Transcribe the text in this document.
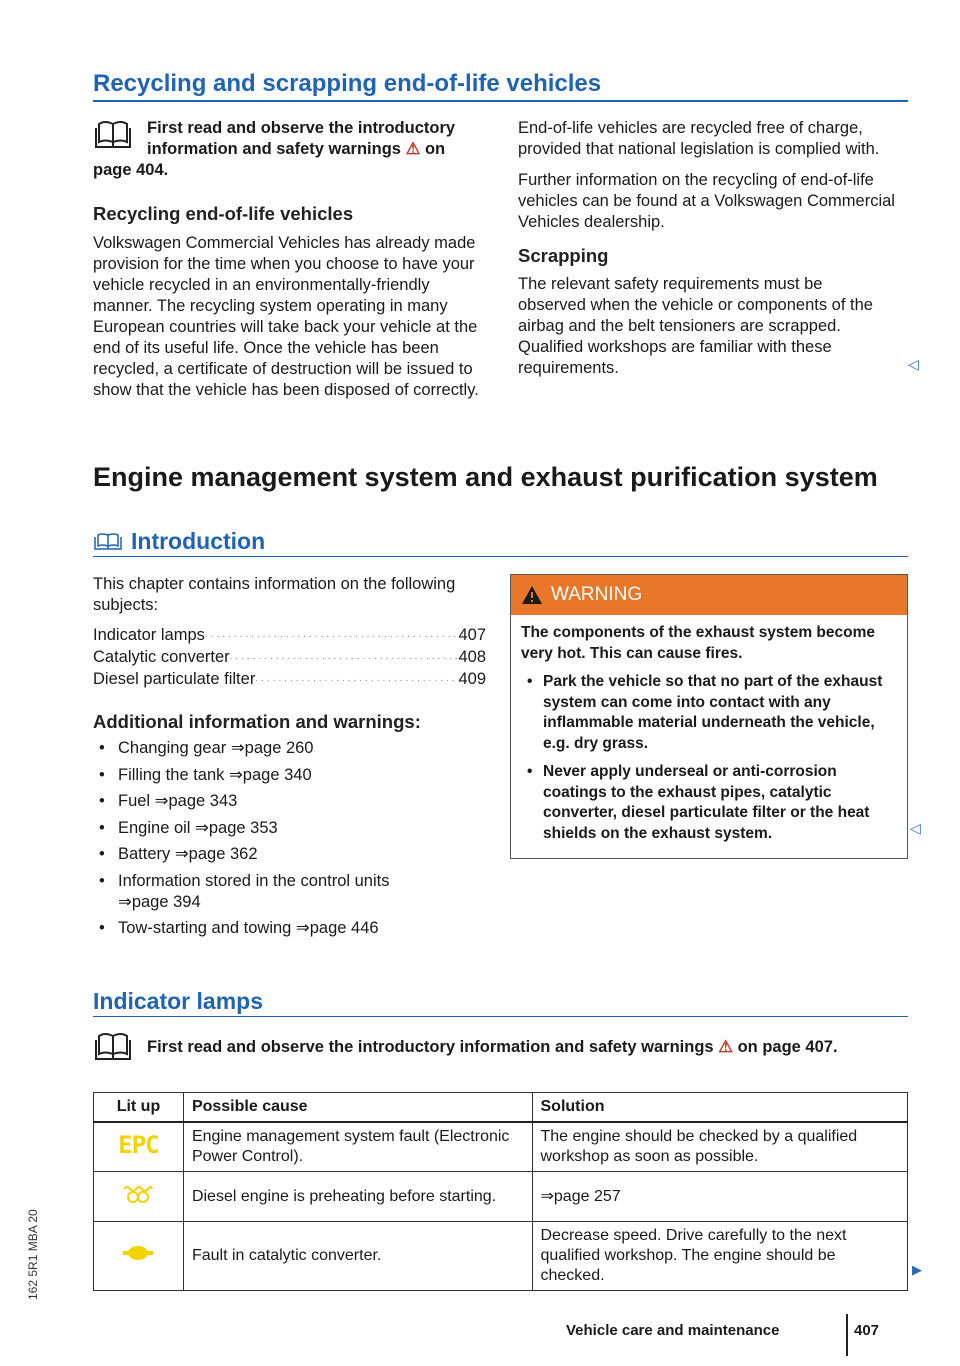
Recycling and scrapping end-of-life vehicles
First read and observe the introductory information and safety warnings ⚠ on
page 404.
Recycling end-of-life vehicles
Volkswagen Commercial Vehicles has already made provision for the time when you choose to have your vehicle recycled in an environmentally-friendly manner. The recycling system operating in many European countries will take back your vehicle at the end of its useful life. Once the vehicle has been recycled, a certificate of destruction will be issued to show that the vehicle has been disposed of correctly.
End-of-life vehicles are recycled free of charge, provided that national legislation is complied with.
Further information on the recycling of end-of-life vehicles can be found at a Volkswagen Commercial Vehicles dealership.
Scrapping
The relevant safety requirements must be observed when the vehicle or components of the airbag and the belt tensioners are scrapped. Qualified workshops are familiar with these requirements.	◁
Engine management system and exhaust purification system
Introduction
This chapter contains information on the following subjects:
Indicator lamps .....	407
Catalytic converter .....	408
Diesel particulate filter .....	409
Additional information and warnings:
• Changing gear ⇒page 260
• Filling the tank ⇒page 340
• Fuel ⇒page 343
• Engine oil ⇒page 353
• Battery ⇒page 362
• Information stored in the control units ⇒page 394
• Tow-starting and towing ⇒page 446
WARNING

The components of the exhaust system become very hot. This can cause fires.

• Park the vehicle so that no part of the exhaust system can come into contact with any inflammable material underneath the vehicle, e.g. dry grass.
• Never apply underseal or anti-corrosion coatings to the exhaust pipes, catalytic converter, diesel particulate filter or the heat shields on the exhaust system.	◁
Indicator lamps
First read and observe the introductory information and safety warnings ⚠ on page 407.
Lit up	Possible cause	Solution
EPC	Engine management system fault (Electronic Power Control).	The engine should be checked by a qualified workshop as soon as possible.
	Diesel engine is preheating before starting.	⇒page 257
	Fault in catalytic converter.	Decrease speed. Drive carefully to the next qualified workshop. The engine should be checked.	▶
Vehicle care and maintenance	407
162 5R1 MBA 20
